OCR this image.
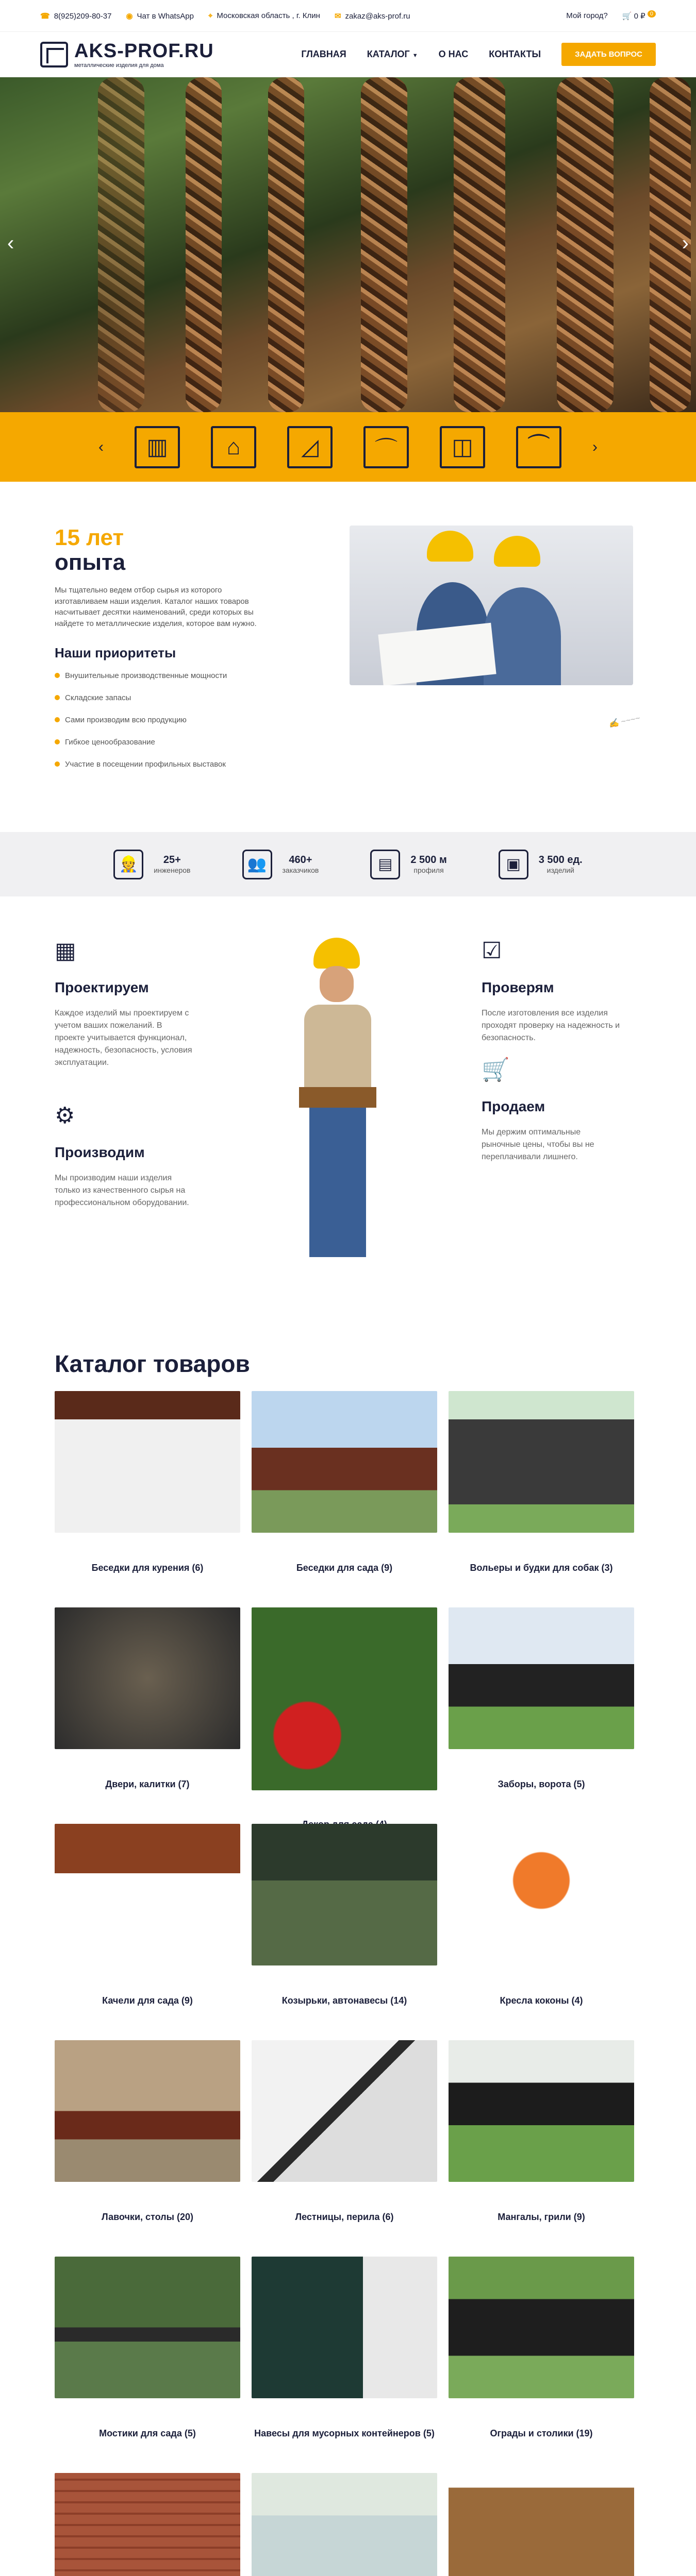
☎ 8(925)209-80-37 ◉ Чат в WhatsApp ⌖ Московская область , г. Клин ✉ zakaz@aks-prof.ru	Мой город? 🛒 0 ₽ $^0$
AKS-PROF.RU
металлические изделия для дома
ГЛАВНАЯ КАТАЛОГ ▼ О НАС КОНТАКТЫ	ЗАДАТЬ ВОПРОС
‹	›
‹	▥	⌂	◿	⌒	◫	⏜	›
15 лет
опыта

Мы тщательно ведем отбор сырья из которого изготавливаем наши изделия. Каталог наших товаров насчитывает десятки наименований, среди которых вы найдете то металлические изделия, которое вам нужно.

Наши приоритеты
Внушительные производственные мощности
Складские запасы
Сами производим всю продукцию
Гибкое ценообразование
Участие в посещении профильных выставок
✍ ~~~~
👷	25+
инженеров	👥	460+
заказчиков	▤	2 500 м
профиля	▣	3 500 ед.
изделий
▦
Проектируем

Каждое изделий мы проектируем с учетом ваших пожеланий. В проекте учитывается функционал, надежность, безопасность, условия эксплуатации.

⚙
Производим

Мы производим наши изделия только из качественного сырья на профессиональном оборудовании.

☑
Проверям

После изготовления все изделия проходят проверку на надежность и безопасность.

🛒
Продаем

Мы держим оптимальные рыночные цены, чтобы вы не переплачивали лишнего.

Каталог товаров
Беседки для курения (6)	Беседки для сада (9)	Вольеры и будки для собак (3)
Двери, калитки (7)	Заборы, ворота (5)
Качели для сада (9)	Козырьки, автонавесы (14)	Кресла коконы (4)
Лавочки, столы (20)	Лестницы, перила (6)	Мангалы, грили (9)
Мостики для сада (5)	Навесы для мусорных контейнеров (5)	Ограды и столики (19)
